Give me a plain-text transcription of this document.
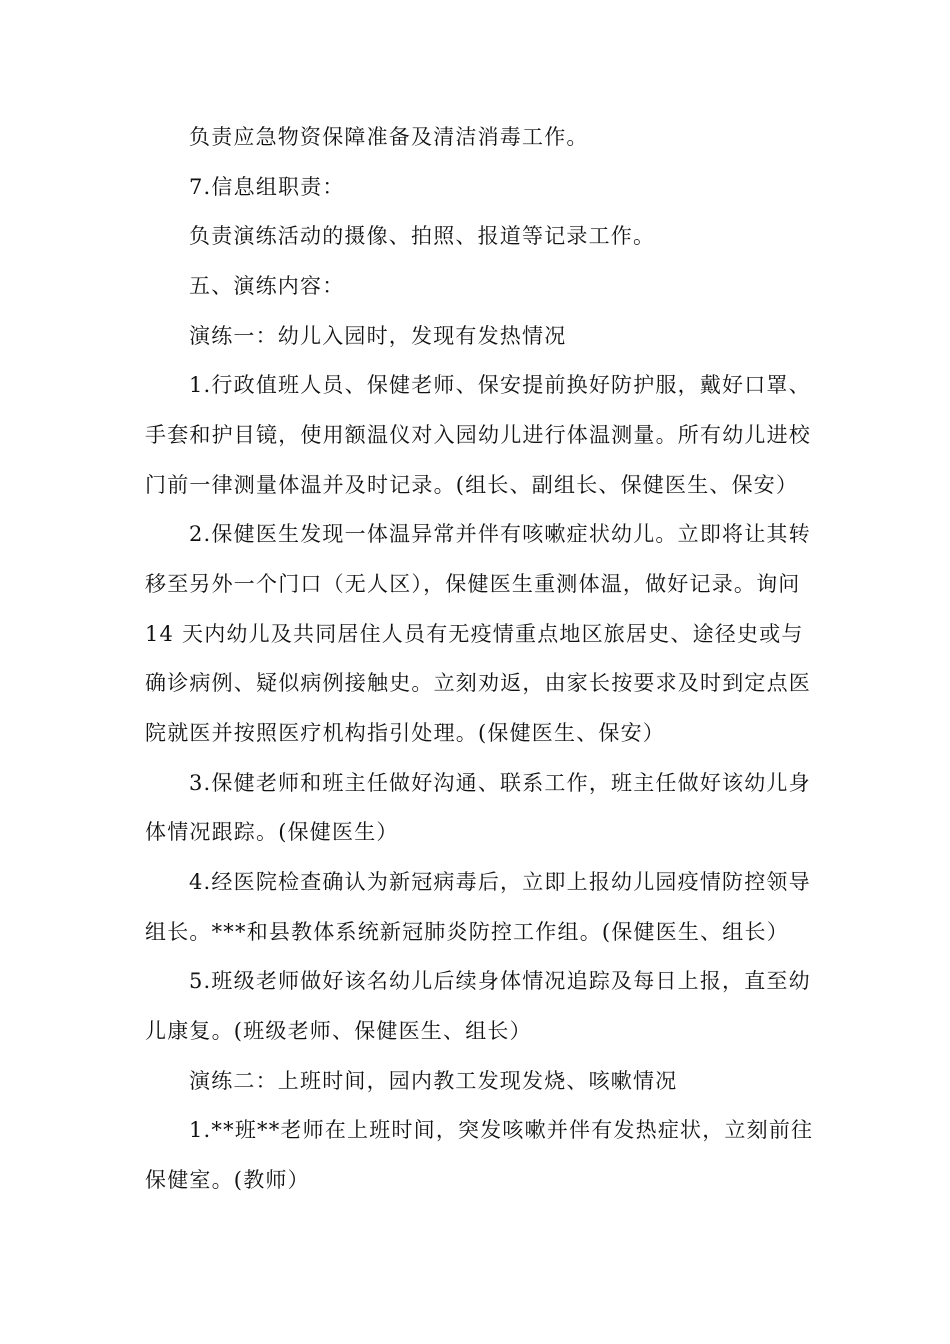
负责应急物资保障准备及清洁消毒工作。
7.信息组职责：
负责演练活动的摄像、拍照、报道等记录工作。
五、演练内容：
演练一：幼儿入园时，发现有发热情况
1.行政值班人员、保健老师、保安提前换好防护服，戴好口罩、
手套和护目镜，使用额温仪对入园幼儿进行体温测量。所有幼儿进校
门前一律测量体温并及时记录。(组长、副组长、保健医生、保安）
2.保健医生发现一体温异常并伴有咳嗽症状幼儿。立即将让其转
移至另外一个门口（无人区），保健医生重测体温，做好记录。询问
14 天内幼儿及共同居住人员有无疫情重点地区旅居史、途径史或与
确诊病例、疑似病例接触史。立刻劝返，由家长按要求及时到定点医
院就医并按照医疗机构指引处理。(保健医生、保安）
3.保健老师和班主任做好沟通、联系工作，班主任做好该幼儿身
体情况跟踪。(保健医生）
4.经医院检查确认为新冠病毒后，立即上报幼儿园疫情防控领导
组长。***和县教体系统新冠肺炎防控工作组。(保健医生、组长）
5.班级老师做好该名幼儿后续身体情况追踪及每日上报，直至幼
儿康复。(班级老师、保健医生、组长）
演练二：上班时间，园内教工发现发烧、咳嗽情况
1.**班**老师在上班时间，突发咳嗽并伴有发热症状，立刻前往
保健室。(教师）
